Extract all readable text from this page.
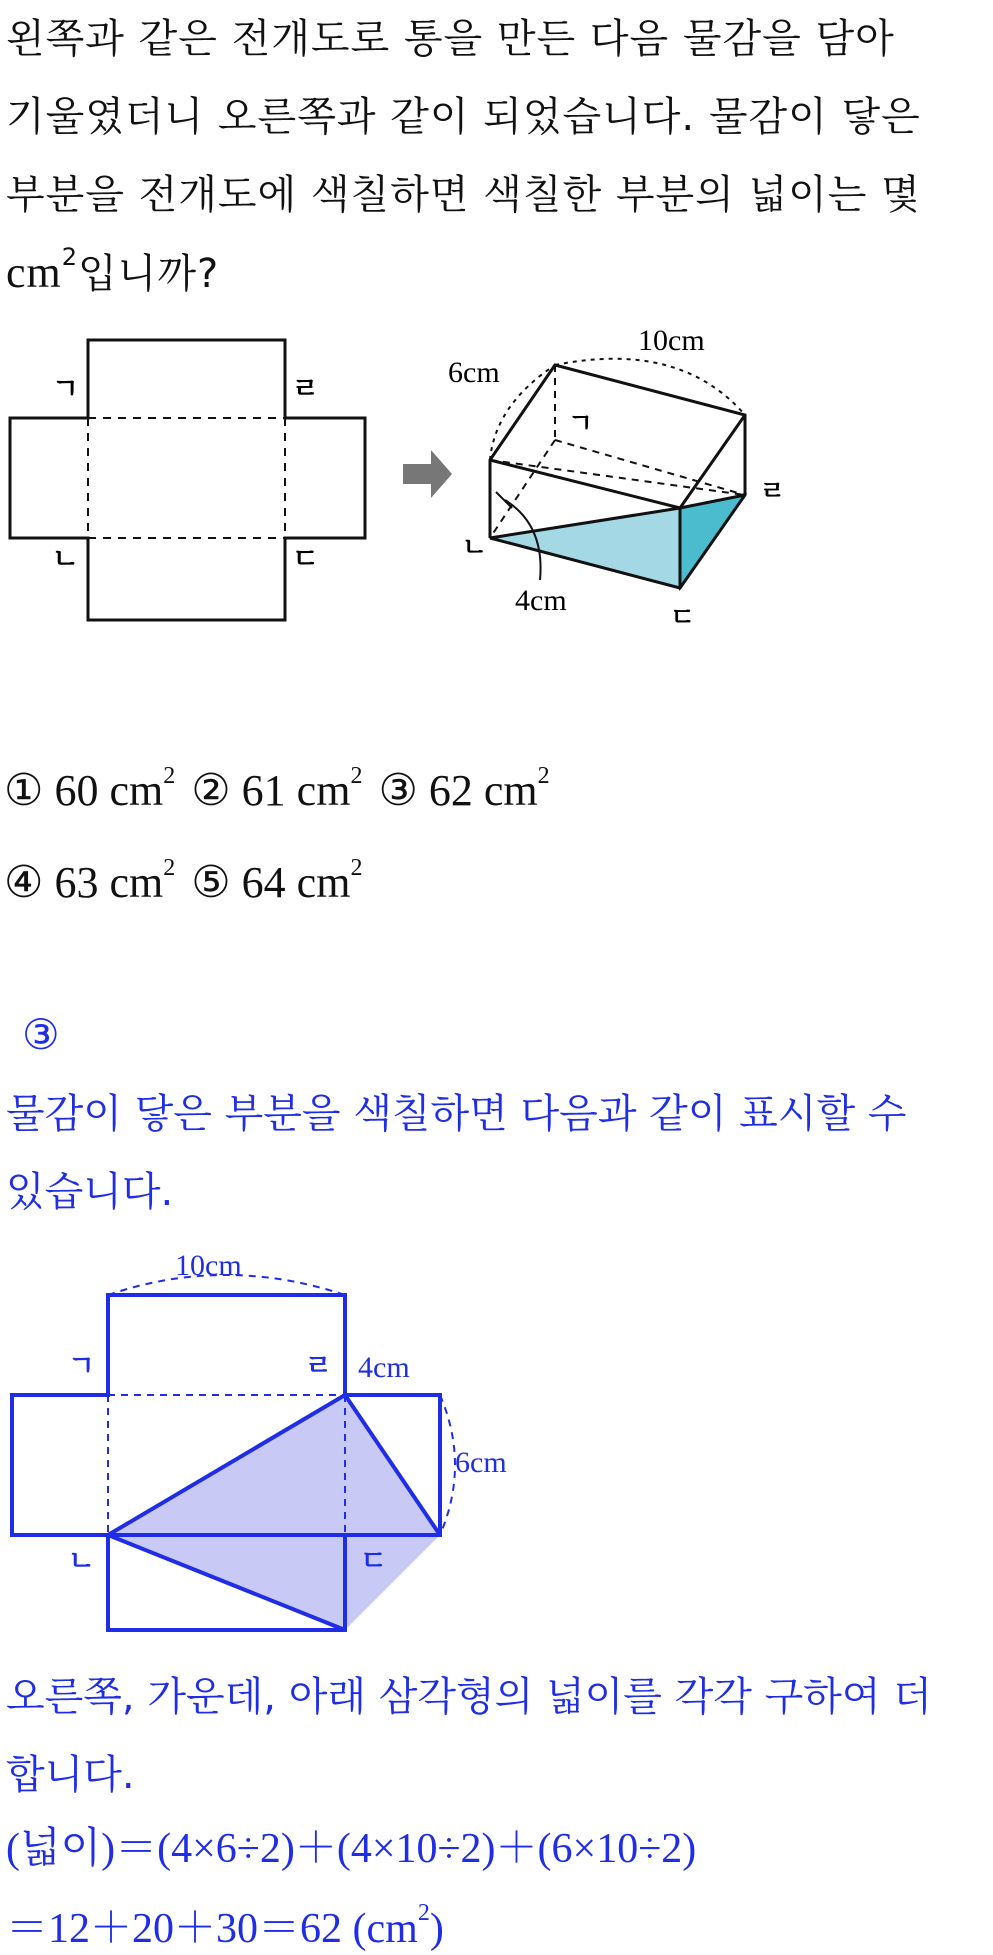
왼쪽과 같은 전개도로 통을 만든 다음 물감을 담아
기울였더니 오른쪽과 같이 되었습니다. 물감이 닿은
부분을 전개도에 색칠하면 색칠한 부분의 넓이는 몇
$cm^2$입니까?
ㄱ	ㄹ
ㄴ	ㄷ
6cm
10cm
4cm
ㄱ
ㄴ
ㄷ
ㄹ
① 60 $cm^2$ ② 61 $cm^2$ ③ 62 $cm^2$
④ 63 $cm^2$ ⑤ 64 $cm^2$
③
물감이 닿은 부분을 색칠하면 다음과 같이 표시할 수
있습니다.
10cm
4cm
6cm
ㄱ	ㄹ
ㄴ	ㄷ
오른쪽, 가운데, 아래 삼각형의 넓이를 각각 구하여 더
합니다.
(넓이)＝(4×6÷2)＋(4×10÷2)＋(6×10÷2)
＝12＋20＋30＝62 $(cm^2)$
